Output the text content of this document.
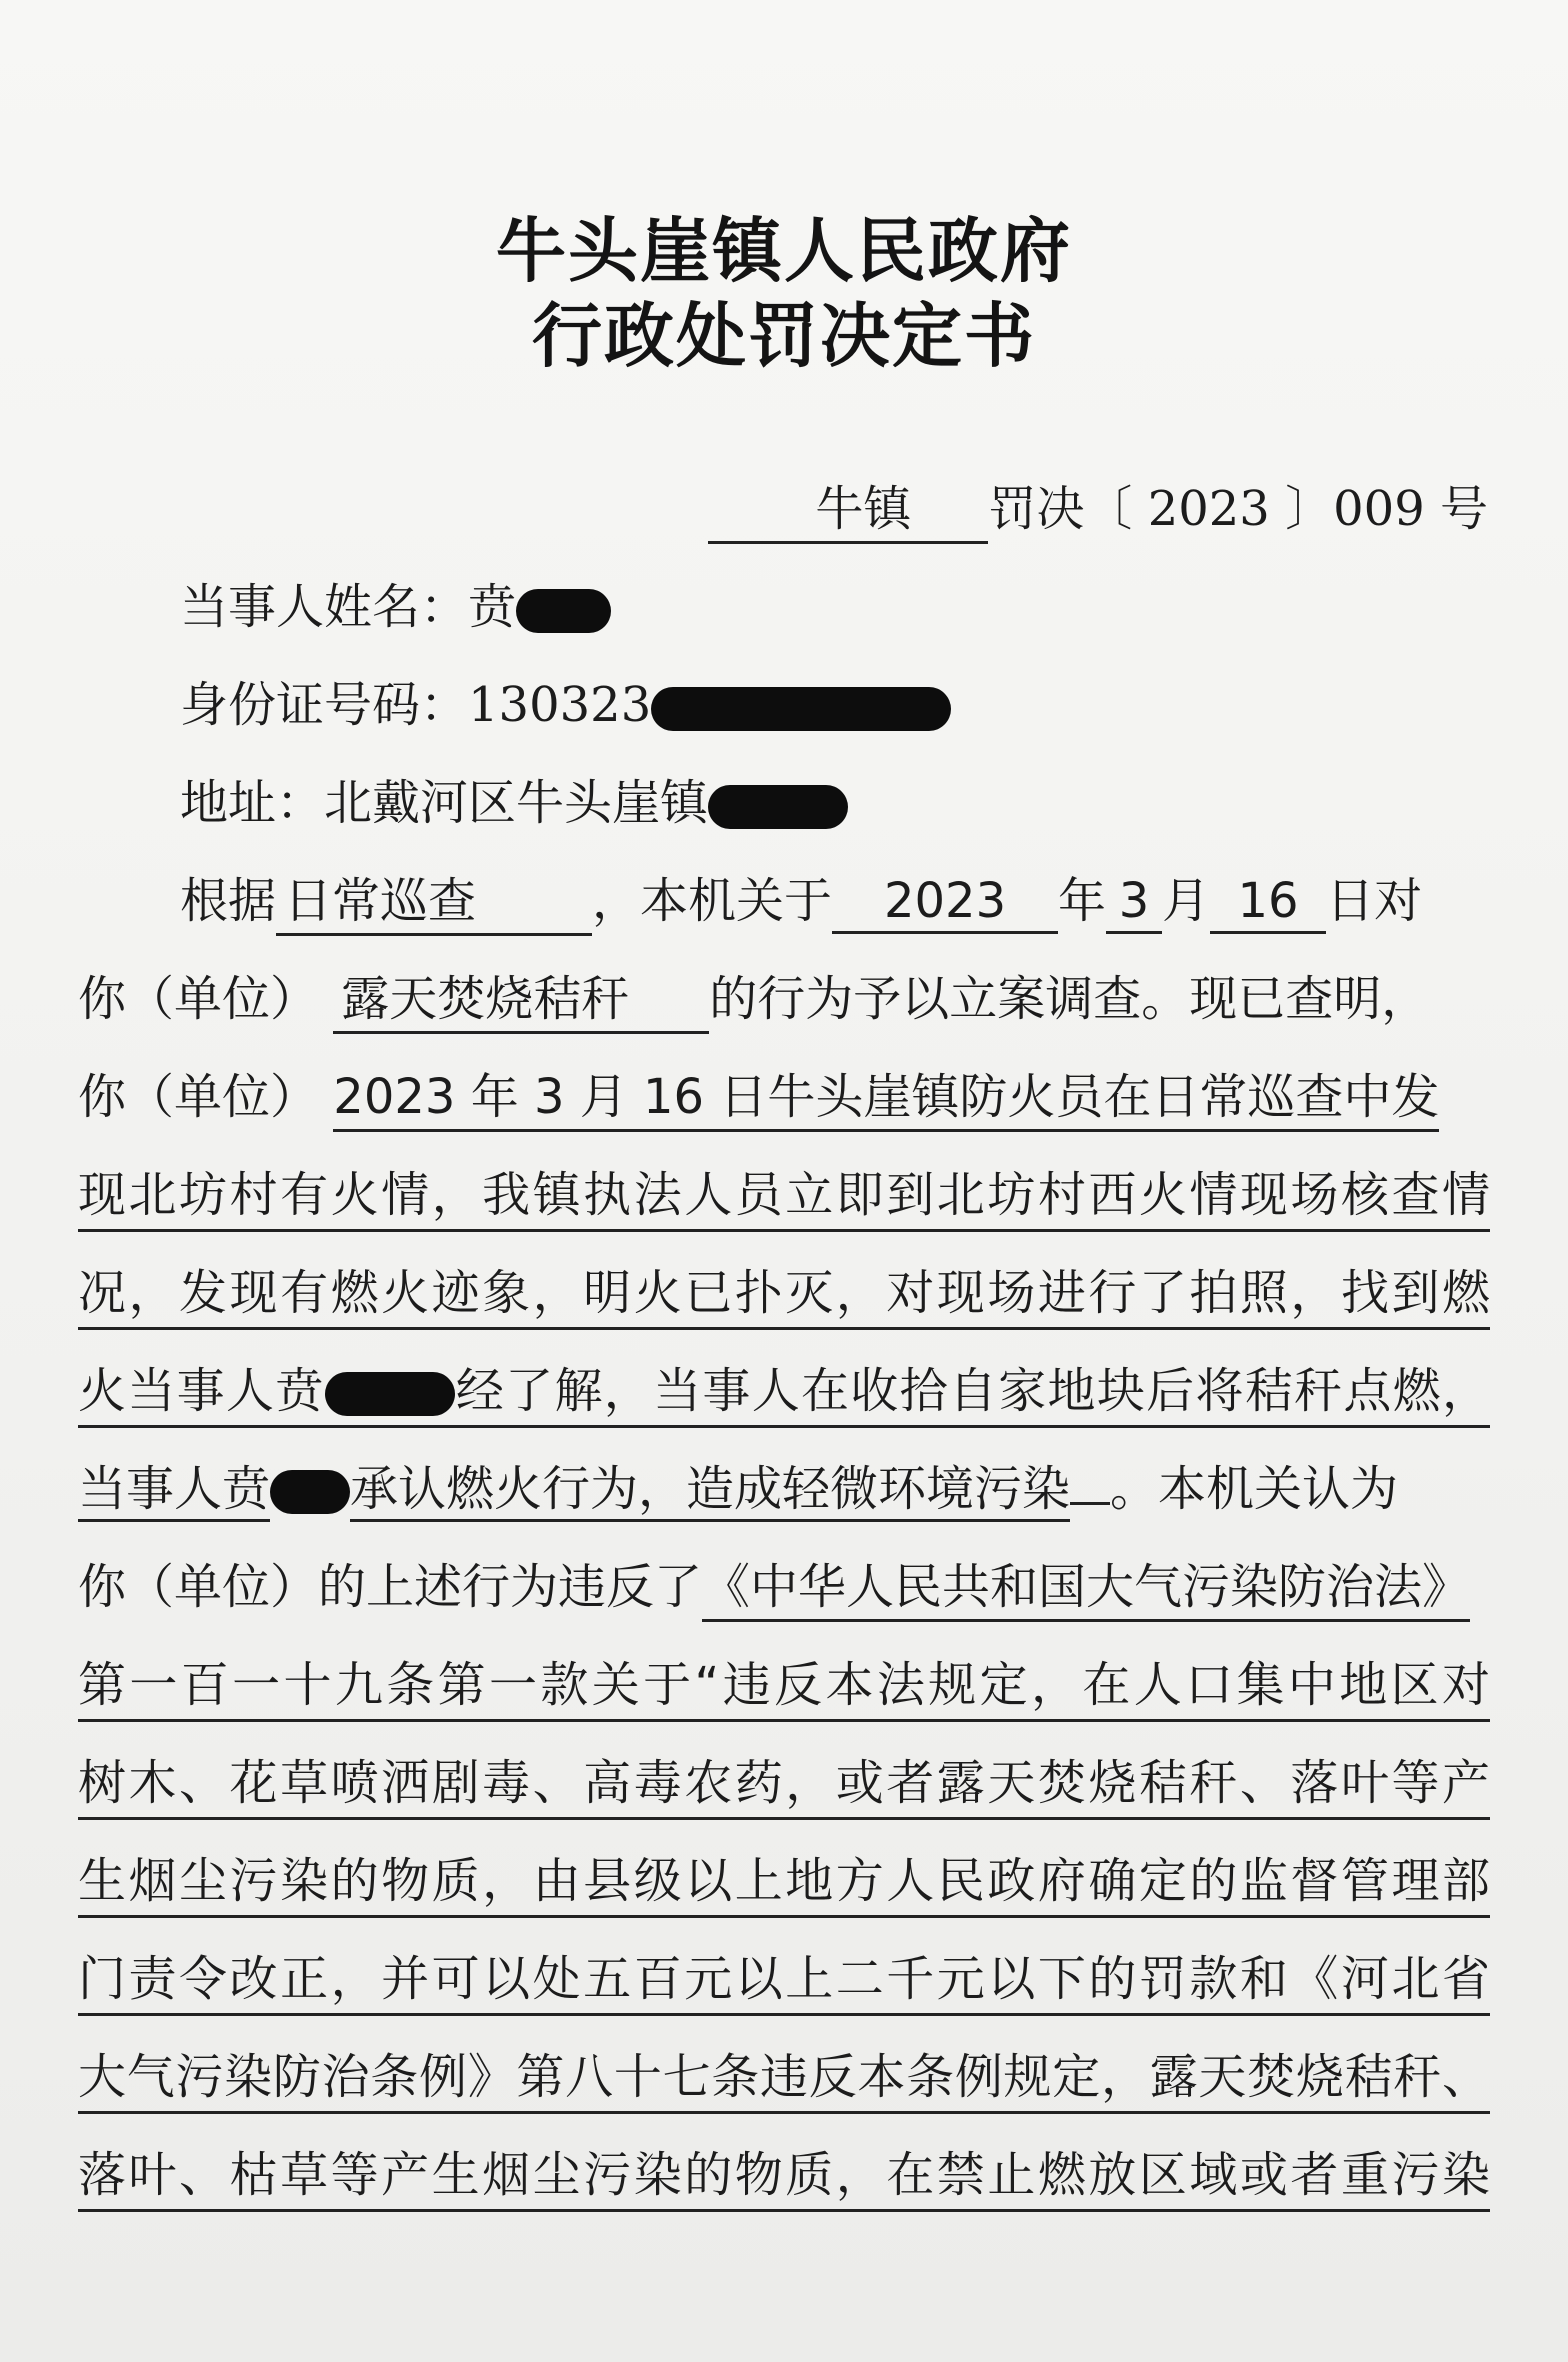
牛头崖镇人民政府
行政处罚决定书
牛镇 罚决〔 2023 〕009 号
当事人姓名：贲
身份证号码：130323
地址：北戴河区牛头崖镇
根据 日常巡查 ，本机关于 2023 年 3 月 16 日对
你（单位） 露天焚烧秸秆 的行为予以立案调查。现已查明，
你（单位） 2023 年 3 月 16 日牛头崖镇防火员在日常巡查中发
现北坊村有火情，我镇执法人员立即到北坊村西火情现场核查情
况，发现有燃火迹象，明火已扑灭，对现场进行了拍照，找到燃
火当事人贲	经了解，当事人在收拾自家地块后将秸秆点燃，
当事人贲 承认燃火行为，造成轻微环境污染 。本机关认为
你（单位）的上述行为违反了《中华人民共和国大气污染防治法》
第一百一十九条第一款关于“违反本法规定，在人口集中地区对
树木、花草喷洒剧毒、高毒农药，或者露天焚烧秸秆、落叶等产
生烟尘污染的物质，由县级以上地方人民政府确定的监督管理部
门责令改正，并可以处五百元以上二千元以下的罚款和《河北省
大气污染防治条例》第八十七条违反本条例规定，露天焚烧秸秆、
落叶、枯草等产生烟尘污染的物质，在禁止燃放区域或者重污染
